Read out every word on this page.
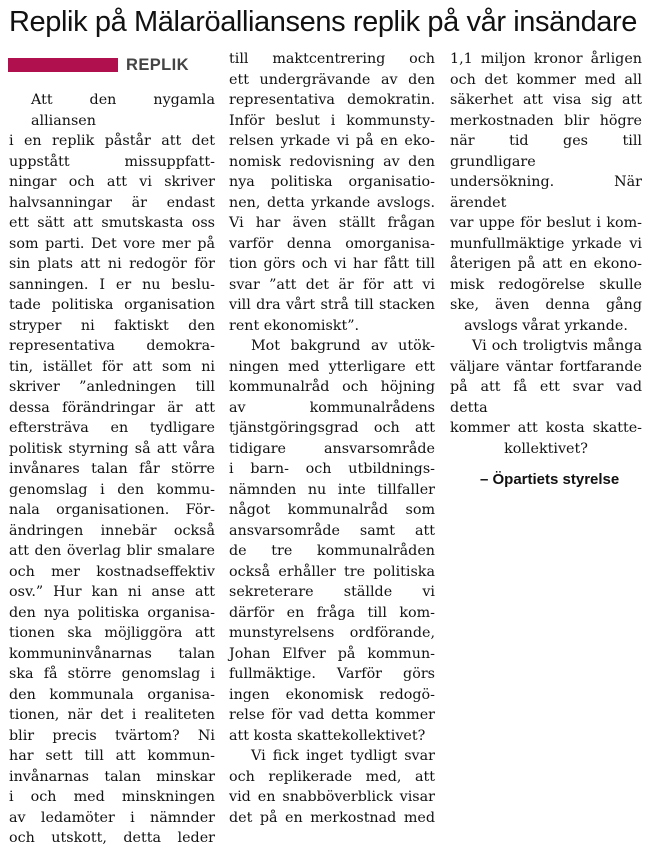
Replik på Mälaröalliansens replik på vår insändare
REPLIK
Att den nygamla alliansen
i en replik påstår att det
uppstått missuppfatt-
ningar och att vi skriver
halvsanningar är endast
ett sätt att smutskasta oss
som parti. Det vore mer på
sin plats att ni redogör för
sanningen. I er nu beslu-
tade politiska organisation
stryper ni faktiskt den
representativa demokra-
tin, istället för att som ni
skriver ”anledningen till
dessa förändringar är att
eftersträva en tydligare
politisk styrning så att våra
invånares talan får större
genomslag i den kommu-
nala organisationen. För-
ändringen innebär också
att den överlag blir smalare
och mer kostnadseffektiv
osv.” Hur kan ni anse att
den nya politiska organisa-
tionen ska möjliggöra att
kommuninvånarnas talan
ska få större genomslag i
den kommunala organisa-
tionen, när det i realiteten
blir precis tvärtom? Ni
har sett till att kommun-
invånarnas talan minskar
i och med minskningen
av ledamöter i nämnder
och utskott, detta leder
till maktcentrering och
ett undergrävande av den
representativa demokratin.
Inför beslut i kommunsty-
relsen yrkade vi på en eko-
nomisk redovisning av den
nya politiska organisatio-
nen, detta yrkande avslogs.
Vi har även ställt frågan
varför denna omorganisa-
tion görs och vi har fått till
svar ”att det är för att vi
vill dra vårt strå till stacken
rent ekonomiskt”.
Mot bakgrund av utök-
ningen med ytterligare ett
kommunalråd och höjning
av kommunalrådens
tjänstgöringsgrad och att
tidigare ansvarsområde
i barn- och utbildnings-
nämnden nu inte tillfaller
något kommunalråd som
ansvarsområde samt att
de tre kommunalråden
också erhåller tre politiska
sekreterare ställde vi
därför en fråga till kom-
munstyrelsens ordförande,
Johan Elfver på kommun-
fullmäktige. Varför görs
ingen ekonomisk redogö-
relse för vad detta kommer
att kosta skattekollektivet?
Vi fick inget tydligt svar
och replikerade med, att
vid en snabböverblick visar
det på en merkostnad med
1,1 miljon kronor årligen
och det kommer med all
säkerhet att visa sig att
merkostnaden blir högre
när tid ges till grundligare
undersökning. När ärendet
var uppe för beslut i kom-
munfullmäktige yrkade vi
återigen på att en ekono-
misk redogörelse skulle
ske, även denna gång
avslogs vårat yrkande.
Vi och troligtvis många
väljare väntar fortfarande
på att få ett svar vad detta
kommer att kosta skatte-
kollektivet?
– Öpartiets styrelse
